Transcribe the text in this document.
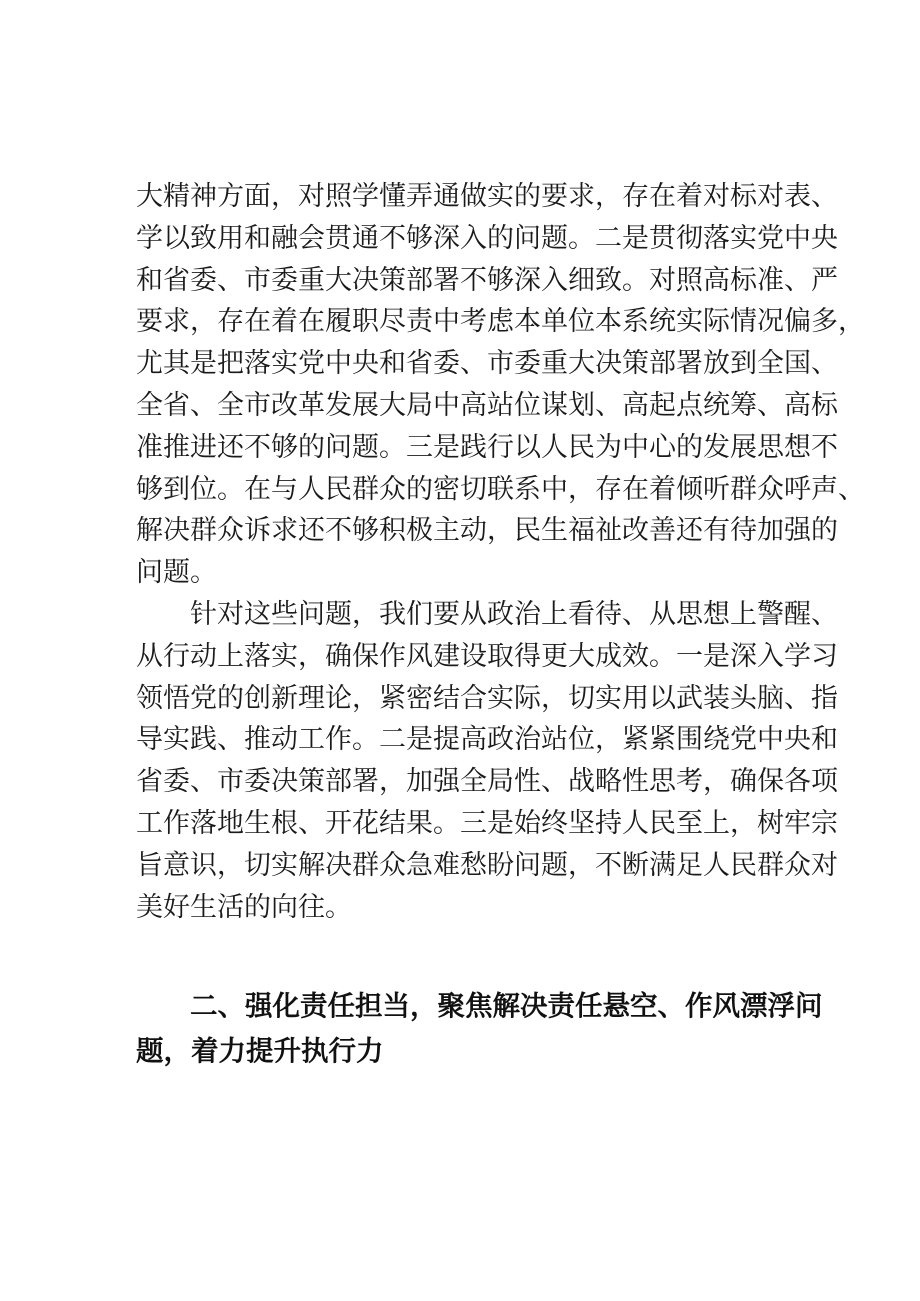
大精神方面，对照学懂弄通做实的要求，存在着对标对表、
学以致用和融会贯通不够深入的问题。二是贯彻落实党中央
和省委、市委重大决策部署不够深入细致。对照高标准、严
要求，存在着在履职尽责中考虑本单位本系统实际情况偏多，
尤其是把落实党中央和省委、市委重大决策部署放到全国、
全省、全市改革发展大局中高站位谋划、高起点统筹、高标
准推进还不够的问题。三是践行以人民为中心的发展思想不
够到位。在与人民群众的密切联系中，存在着倾听群众呼声、
解决群众诉求还不够积极主动，民生福祉改善还有待加强的
问题。
针对这些问题，我们要从政治上看待、从思想上警醒、
从行动上落实，确保作风建设取得更大成效。一是深入学习
领悟党的创新理论，紧密结合实际，切实用以武装头脑、指
导实践、推动工作。二是提高政治站位，紧紧围绕党中央和
省委、市委决策部署，加强全局性、战略性思考，确保各项
工作落地生根、开花结果。三是始终坚持人民至上，树牢宗
旨意识，切实解决群众急难愁盼问题，不断满足人民群众对
美好生活的向往。
二、强化责任担当，聚焦解决责任悬空、作风漂浮问
题，着力提升执行力
